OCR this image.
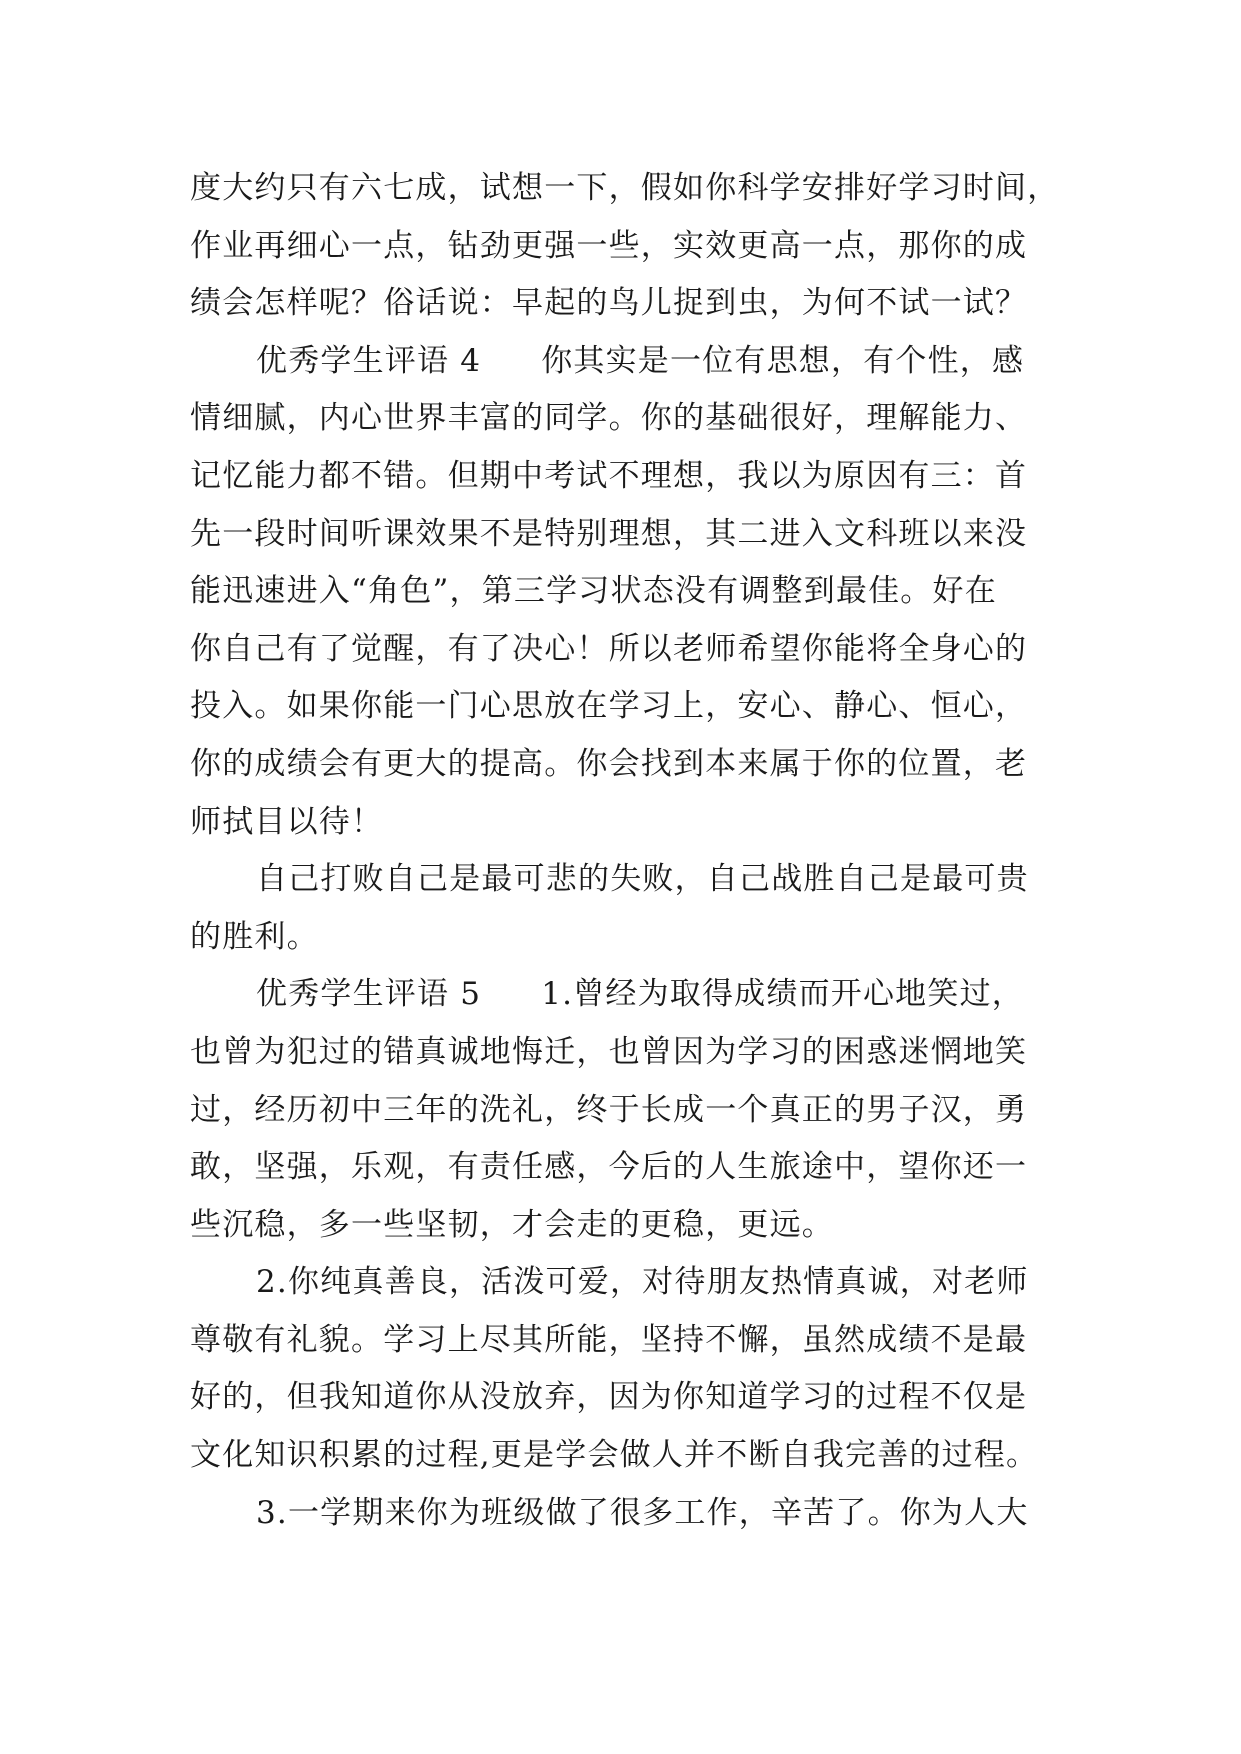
度大约只有六七成，试想一下，假如你科学安排好学习时间，
作业再细心一点，钻劲更强一些，实效更高一点，那你的成
绩会怎样呢？俗话说：早起的鸟儿捉到虫，为何不试一试？
优秀学生评语 4 你其实是一位有思想，有个性，感
情细腻，内心世界丰富的同学。你的基础很好，理解能力、
记忆能力都不错。但期中考试不理想，我以为原因有三：首
先一段时间听课效果不是特别理想，其二进入文科班以来没
能迅速进入“角色”，第三学习状态没有调整到最佳。好在
你自己有了觉醒，有了决心！所以老师希望你能将全身心的
投入。如果你能一门心思放在学习上，安心、静心、恒心，
你的成绩会有更大的提高。你会找到本来属于你的位置，老
师拭目以待！
自己打败自己是最可悲的失败，自己战胜自己是最可贵
的胜利。
优秀学生评语 5 1.曾经为取得成绩而开心地笑过，
也曾为犯过的错真诚地悔迁，也曾因为学习的困惑迷惘地笑
过，经历初中三年的洗礼，终于长成一个真正的男子汉，勇
敢，坚强，乐观，有责任感，今后的人生旅途中，望你还一
些沉稳，多一些坚韧，才会走的更稳，更远。
2.你纯真善良，活泼可爱，对待朋友热情真诚，对老师
尊敬有礼貌。学习上尽其所能，坚持不懈，虽然成绩不是最
好的，但我知道你从没放弃，因为你知道学习的过程不仅是
文化知识积累的过程,更是学会做人并不断自我完善的过程。
3.一学期来你为班级做了很多工作，辛苦了。你为人大
